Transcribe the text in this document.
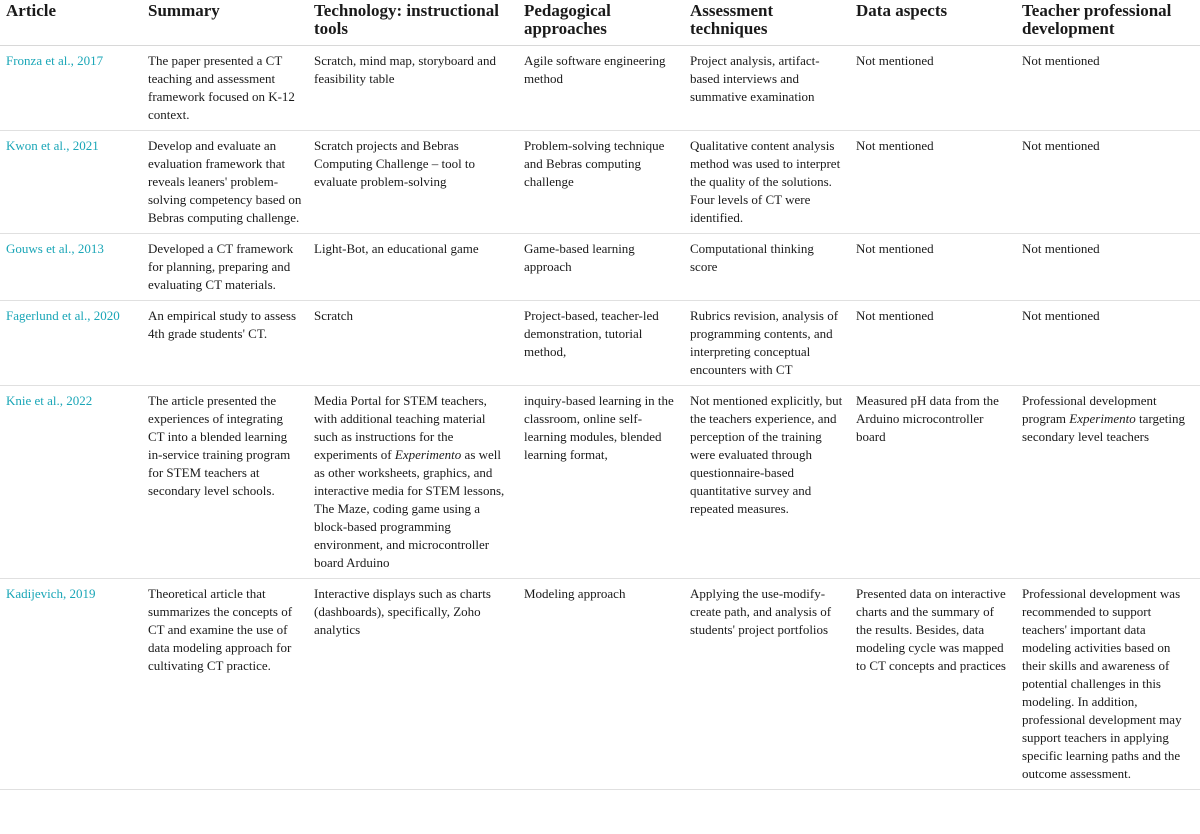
Article	Summary	Technology: instructional tools	Pedagogical approaches	Assessment techniques	Data aspects	Teacher professional development
Fronza et al., 2017	The paper presented a CT teaching and assessment framework focused on K-12 context.	Scratch, mind map, storyboard and feasibility table	Agile software engineering method	Project analysis, artifact-based interviews and summative examination	Not mentioned	Not mentioned
Kwon et al., 2021	Develop and evaluate an evaluation framework that reveals leaners' problem-solving competency based on Bebras computing challenge.	Scratch projects and Bebras Computing Challenge – tool to evaluate problem-solving	Problem-solving technique and Bebras computing challenge	Qualitative content analysis method was used to interpret the quality of the solutions. Four levels of CT were identified.	Not mentioned	Not mentioned
Gouws et al., 2013	Developed a CT framework for planning, preparing and evaluating CT materials.	Light-Bot, an educational game	Game-based learning approach	Computational thinking score	Not mentioned	Not mentioned
Fagerlund et al., 2020	An empirical study to assess 4th grade students' CT.	Scratch	Project-based, teacher-led demonstration, tutorial method,	Rubrics revision, analysis of programming contents, and interpreting conceptual encounters with CT	Not mentioned	Not mentioned
Knie et al., 2022	The article presented the experiences of integrating CT into a blended learning in-service training program for STEM teachers at secondary level schools.	Media Portal for STEM teachers, with additional teaching material such as instructions for the experiments of Experimento as well as other worksheets, graphics, and interactive media for STEM lessons, The Maze, coding game using a block-based programming environment, and microcontroller board Arduino	inquiry-based learning in the classroom, online self-learning modules, blended learning format,	Not mentioned explicitly, but the teachers experience, and perception of the training were evaluated through questionnaire-based quantitative survey and repeated measures.	Measured pH data from the Arduino microcontroller board	Professional development program Experimento targeting secondary level teachers
Kadijevich, 2019	Theoretical article that summarizes the concepts of CT and examine the use of data modeling approach for cultivating CT practice.	Interactive displays such as charts (dashboards), specifically, Zoho analytics	Modeling approach	Applying the use-modify-create path, and analysis of students' project portfolios	Presented data on interactive charts and the summary of the results. Besides, data modeling cycle was mapped to CT concepts and practices	Professional development was recommended to support teachers' important data modeling activities based on their skills and awareness of potential challenges in this modeling. In addition, professional development may support teachers in applying specific learning paths and the outcome assessment.
